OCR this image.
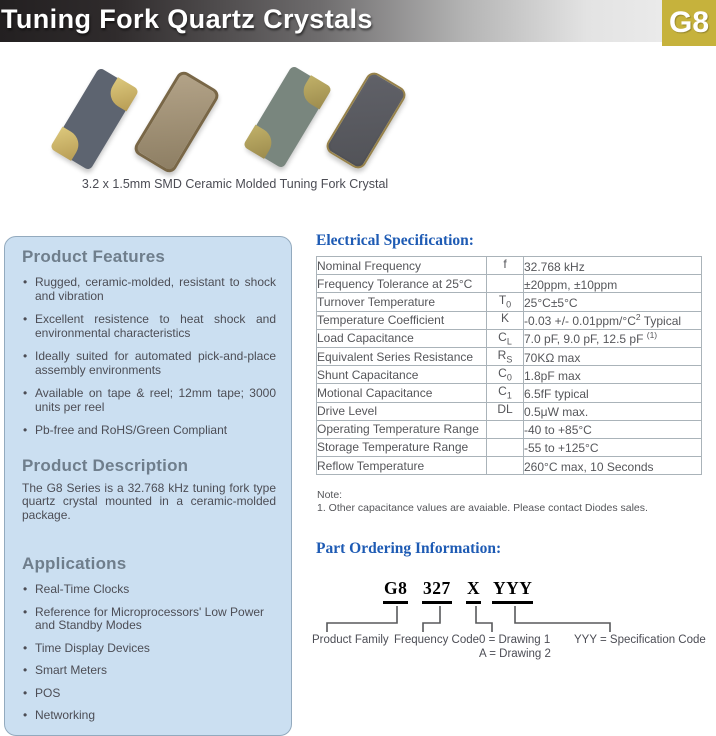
Tuning Fork Quartz Crystals	G8
3.2 x 1.5mm SMD Ceramic Molded Tuning Fork Crystal
Product Features
• Rugged, ceramic-molded, resistant to shock and vibration
• Excellent resistence to heat shock and environmental characteristics
• Ideally suited for automated pick-and-place assembly environments
• Available on tape & reel; 12mm tape; 3000 units per reel
• Pb-free and RoHS/Green Compliant
Product Description

The G8 Series is a 32.768 kHz tuning fork type quartz crystal mounted in a ceramic-molded package.

Applications
• Real-Time Clocks
• Reference for Microprocessors' Low Power and Standby Modes
• Time Display Devices
• Smart Meters
• POS
• Networking
Electrical Specification:
Nominal Frequency	f	32.768 kHz
Frequency Tolerance at 25°C		±20ppm, ±10ppm
Turnover Temperature	$T_0$	25°C±5°C
Temperature Coefficient	K	-0.03 +/- $0.01ppm/^\circ C^2$ Typical
Load Capacitance	$C_L$	7.0 pF, 9.0 pF, 12.5 pF $^{(1)}$
Equivalent Series Resistance	$R_S$	70KΩ max
Shunt Capacitance	$C_0$	1.8pF max
Motional Capacitance	$C_1$	6.5fF typical
Drive Level	DL	0.5μW max.
Operating Temperature Range		-40 to +85°C
Storage Temperature Range		-55 to +125°C
Reflow Temperature		260°C max, 10 Seconds
Note:
1. Other capacitance values are avaiable. Please contact Diodes sales.
Part Ordering Information:
G8 327 X YYY
Product Family Frequency Code 0 = Drawing 1
A = Drawing 2
YYY = Specification Code
